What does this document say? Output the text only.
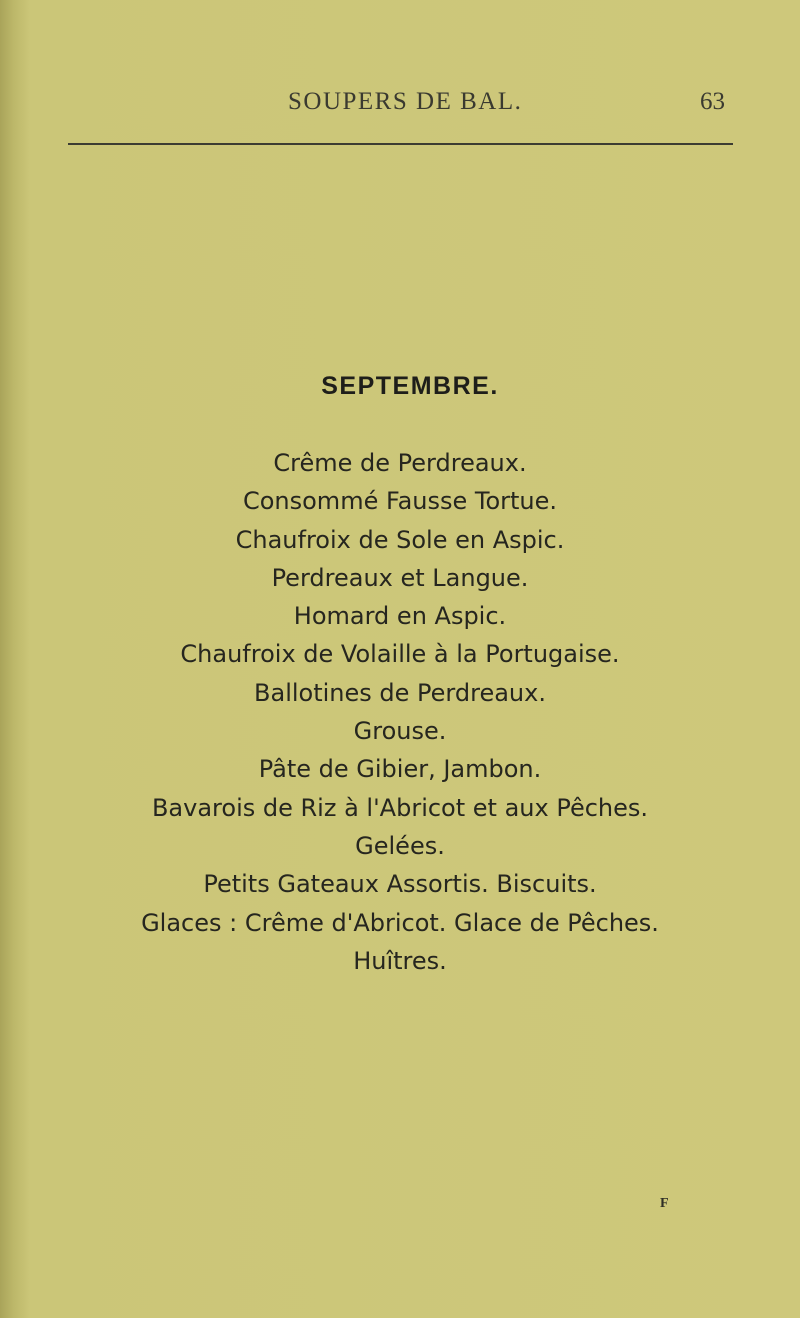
SOUPERS DE BAL.	63
SEPTEMBRE.
Crême de Perdreaux.
Consommé Fausse Tortue.
Chaufroix de Sole en Aspic.
Perdreaux et Langue.
Homard en Aspic.
Chaufroix de Volaille à la Portugaise.
Ballotines de Perdreaux.
Grouse.
Pâte de Gibier, Jambon.
Bavarois de Riz à l'Abricot et aux Pêches.
Gelées.
Petits Gateaux Assortis. Biscuits.
Glaces : Crême d'Abricot. Glace de Pêches.
Huîtres.
F
